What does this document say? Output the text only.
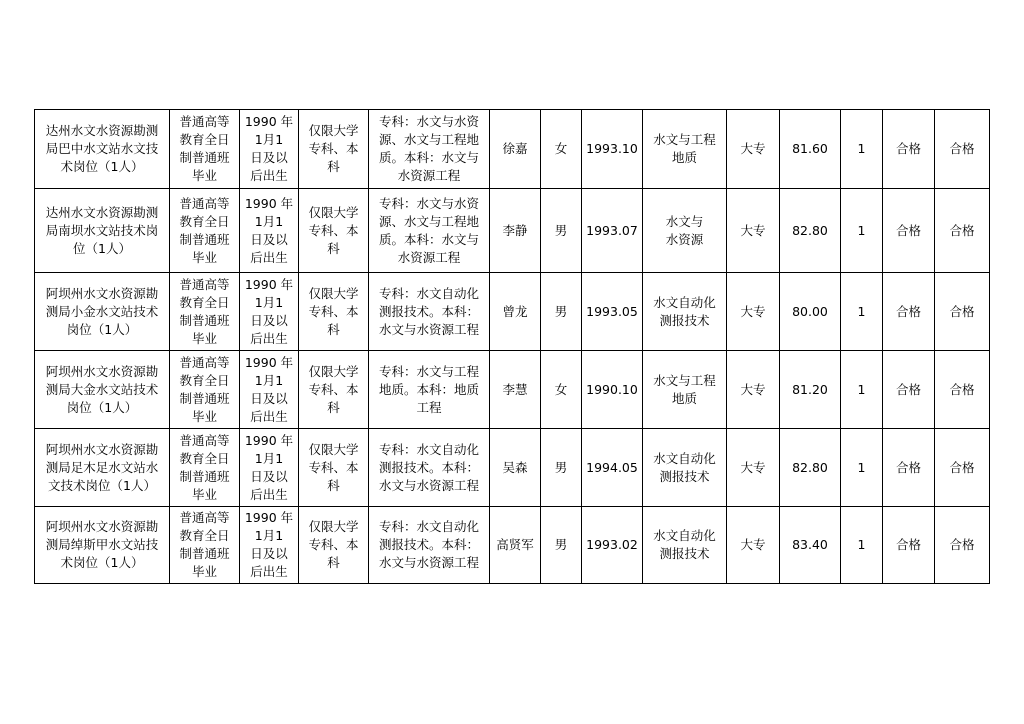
达州水文水资源勘测
局巴中水文站水文技
术岗位（1人）	普通高等
教育全日
制普通班
毕业	1990 年
1月1
日及以
后出生	仅限大学
专科、本
科	专科：水文与水资
源、水文与工程地
质。本科：水文与
水资源工程	徐嘉	女	1993.10	水文与工程
地质	大专	81.60	1	合格	合格

达州水文水资源勘测
局南坝水文站技术岗
位（1人）	普通高等
教育全日
制普通班
毕业	1990 年
1月1
日及以
后出生	仅限大学
专科、本
科	专科：水文与水资
源、水文与工程地
质。本科：水文与
水资源工程	李静	男	1993.07	水文与
水资源	大专	82.80	1	合格	合格

阿坝州水文水资源勘
测局小金水文站技术
岗位（1人）	普通高等
教育全日
制普通班
毕业	1990 年
1月1
日及以
后出生	仅限大学
专科、本
科	专科：水文自动化
测报技术。本科：
水文与水资源工程	曾龙	男	1993.05	水文自动化
测报技术	大专	80.00	1	合格	合格

阿坝州水文水资源勘
测局大金水文站技术
岗位（1人）	普通高等
教育全日
制普通班
毕业	1990 年
1月1
日及以
后出生	仅限大学
专科、本
科	专科：水文与工程
地质。本科：地质
工程	李慧	女	1990.10	水文与工程
地质	大专	81.20	1	合格	合格

阿坝州水文水资源勘
测局足木足水文站水
文技术岗位（1人）	普通高等
教育全日
制普通班
毕业	1990 年
1月1
日及以
后出生	仅限大学
专科、本
科	专科：水文自动化
测报技术。本科：
水文与水资源工程	吴森	男	1994.05	水文自动化
测报技术	大专	82.80	1	合格	合格

阿坝州水文水资源勘
测局绰斯甲水文站技
术岗位（1人）	普通高等
教育全日
制普通班
毕业	1990 年
1月1
日及以
后出生	仅限大学
专科、本
科	专科：水文自动化
测报技术。本科：
水文与水资源工程	高贤军	男	1993.02	水文自动化
测报技术	大专	83.40	1	合格	合格
